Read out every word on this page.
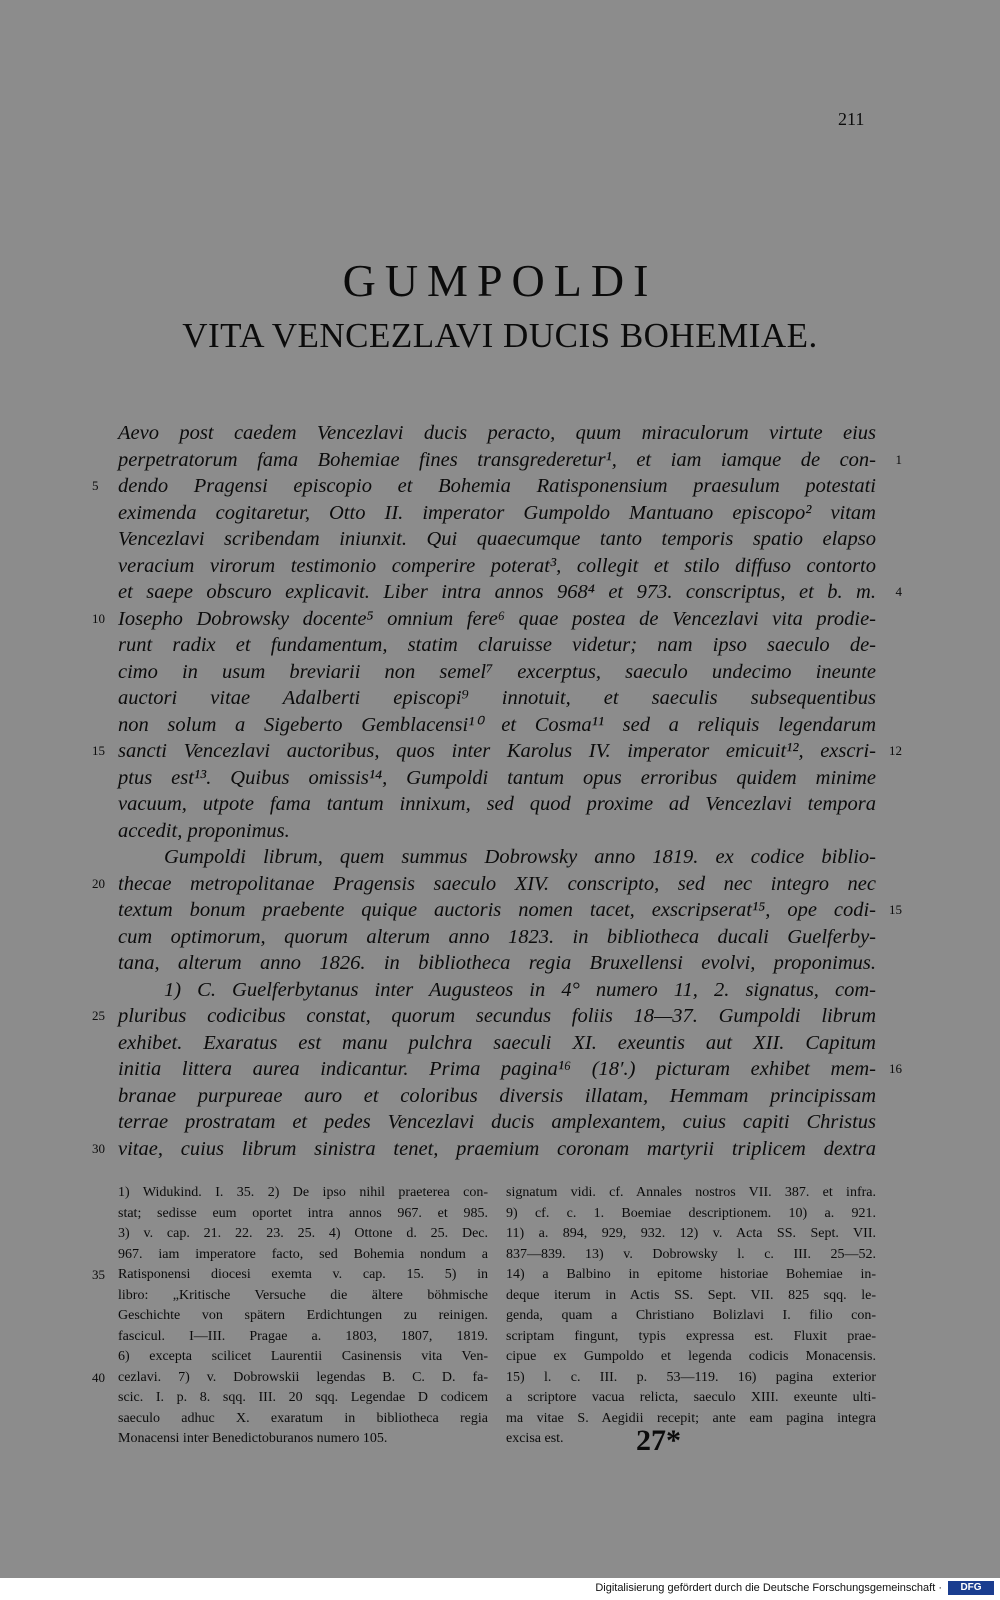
211
GUMPOLDI
VITA VENCEZLAVI DUCIS BOHEMIAE.
Aevo post caedem Vencezlavi ducis peracto, quum miraculorum virtute eius
perpetratorum fama Bohemiae fines transgrederetur¹, et iam iamque de con- 1
dendo Pragensi episcopio et Bohemia Ratisponensium praesulum potestati
5
eximenda cogitaretur, Otto II. imperator Gumpoldo Mantuano episcopo² vitam
Vencezlavi scribendam iniunxit. Qui quaecumque tanto temporis spatio elapso
veracium virorum testimonio comperire poterat³, collegit et stilo diffuso contorto
et saepe obscuro explicavit. Liber intra annos 968⁴ et 973. conscriptus, et b. m. 4
Iosepho Dobrowsky docente⁵ omnium fere⁶ quae postea de Vencezlavi vita prodie-
10
runt radix et fundamentum, statim claruisse videtur; nam ipso saeculo de-
cimo in usum breviarii non semel⁷ excerptus, saeculo undecimo ineunte
auctori vitae Adalberti episcopi⁹ innotuit, et saeculis subsequentibus
non solum a Sigeberto Gemblacensi¹⁰ et Cosma¹¹ sed a reliquis legendarum
sancti Vencezlavi auctoribus, quos inter Karolus IV. imperator emicuit¹², exscri-
15	12
ptus est¹³. Quibus omissis¹⁴, Gumpoldi tantum opus erroribus quidem minime
vacuum, utpote fama tantum innixum, sed quod proxime ad Vencezlavi tempora
accedit, proponimus.
Gumpoldi librum, quem summus Dobrowsky anno 1819. ex codice biblio-
thecae metropolitanae Pragensis saeculo XIV. conscripto, sed nec integro nec
20
textum bonum praebente quique auctoris nomen tacet, exscripserat¹⁵, ope codi- 15
cum optimorum, quorum alterum anno 1823. in bibliotheca ducali Guelferby-
tana, alterum anno 1826. in bibliotheca regia Bruxellensi evolvi, proponimus.
1) C. Guelferbytanus inter Augusteos in 4° numero 11, 2. signatus, com-
pluribus codicibus constat, quorum secundus foliis 18—37. Gumpoldi librum
25
exhibet. Exaratus est manu pulchra saeculi XI. exeuntis aut XII. Capitum
initia littera aurea indicantur. Prima pagina¹⁶ (18′.) picturam exhibet mem- 16
branae purpureae auro et coloribus diversis illatam, Hemmam principissam
terrae prostratam et pedes Vencezlavi ducis amplexantem, cuius capiti Christus
vitae, cuius librum sinistra tenet, praemium coronam martyrii triplicem dextra
30
1) Widukind. I. 35. 2) De ipso nihil praeterea con-
stat; sedisse eum oportet intra annos 967. et 985.
3) v. cap. 21. 22. 23. 25. 4) Ottone d. 25. Dec.
967. iam imperatore facto, sed Bohemia nondum a
Ratisponensi diocesi exemta v. cap. 15. 5) in
35
libro: „Kritische Versuche die ältere böhmische
Geschichte von spätern Erdichtungen zu reinigen.
fascicul. I—III. Pragae a. 1803, 1807, 1819.
6) excepta scilicet Laurentii Casinensis vita Ven-
cezlavi. 7) v. Dobrowskii legendas B. C. D. fa-
40
scic. I. p. 8. sqq. III. 20 sqq. Legendae D codicem
saeculo adhuc X. exaratum in bibliotheca regia
Monacensi inter Benedictoburanos numero 105.
signatum vidi. cf. Annales nostros VII. 387. et infra.
9) cf. c. 1. Boemiae descriptionem. 10) a. 921.
11) a. 894, 929, 932. 12) v. Acta SS. Sept. VII.
837—839. 13) v. Dobrowsky l. c. III. 25—52.
14) a Balbino in epitome historiae Bohemiae in-
deque iterum in Actis SS. Sept. VII. 825 sqq. le-
genda, quam a Christiano Bolizlavi I. filio con-
scriptam fingunt, typis expressa est. Fluxit prae-
cipue ex Gumpoldo et legenda codicis Monacensis.
15) l. c. III. p. 53—119. 16) pagina exterior
a scriptore vacua relicta, saeculo XIII. exeunte ulti-
ma vitae S. Aegidii recepit; ante eam pagina integra
excisa est.	27*
Digitalisierung gefördert durch die Deutsche Forschungsgemeinschaft ·	DFG
